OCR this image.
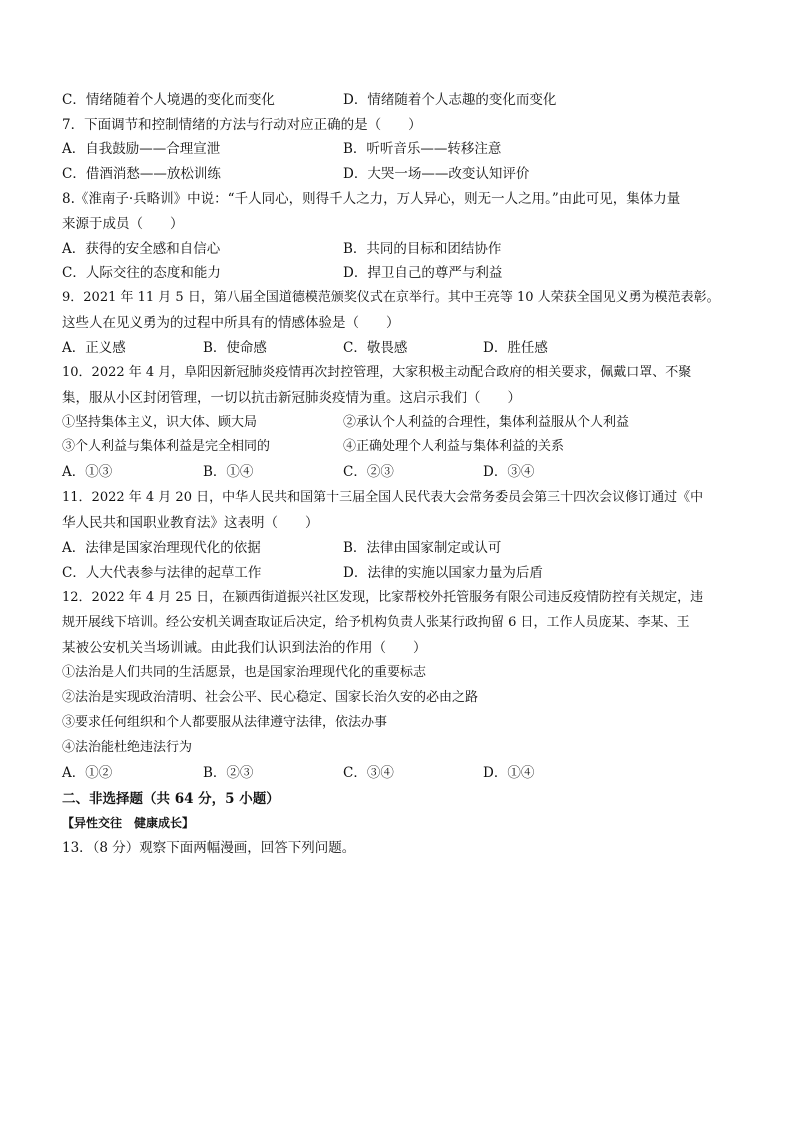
C．情绪随着个人境遇的变化而变化	D．情绪随着个人志趣的变化而变化
7．下面调节和控制情绪的方法与行动对应正确的是（　　）
A．自我鼓励——合理宣泄	B．听听音乐——转移注意
C．借酒消愁——放松训练	D．大哭一场——改变认知评价
8.《淮南子·兵略训》中说：“千人同心，则得千人之力，万人异心，则无一人之用。”由此可见，集体力量
来源于成员（　　）
A．获得的安全感和自信心	B．共同的目标和团结协作
C．人际交往的态度和能力	D．捍卫自己的尊严与利益
9．2021 年 11 月 5 日，第八届全国道德模范颁奖仪式在京举行。其中王亮等 10 人荣获全国见义勇为模范表彰。
这些人在见义勇为的过程中所具有的情感体验是（　　）
A．正义感	B．使命感	C．敬畏感	D．胜任感
10．2022 年 4 月，阜阳因新冠肺炎疫情再次封控管理，大家积极主动配合政府的相关要求，佩戴口罩、不聚
集，服从小区封闭管理，一切以抗击新冠肺炎疫情为重。这启示我们（　　）
①坚持集体主义，识大体、顾大局	②承认个人利益的合理性，集体利益服从个人利益
③个人利益与集体利益是完全相同的	④正确处理个人利益与集体利益的关系
A．①③	B．①④	C．②③	D．③④
11．2022 年 4 月 20 日，中华人民共和国第十三届全国人民代表大会常务委员会第三十四次会议修订通过《中
华人民共和国职业教育法》这表明（　　）
A．法律是国家治理现代化的依据	B．法律由国家制定或认可
C．人大代表参与法律的起草工作	D．法律的实施以国家力量为后盾
12．2022 年 4 月 25 日，在颍西街道振兴社区发现，比家帮校外托管服务有限公司违反疫情防控有关规定，违
规开展线下培训。经公安机关调查取证后决定，给予机构负责人张某行政拘留 6 日，工作人员庞某、李某、王
某被公安机关当场训诫。由此我们认识到法治的作用（　　）
①法治是人们共同的生活愿景，也是国家治理现代化的重要标志
②法治是实现政治清明、社会公平、民心稳定、国家长治久安的必由之路
③要求任何组织和个人都要服从法律遵守法律，依法办事
④法治能杜绝违法行为
A．①②	B．②③	C．③④	D．①④
二、非选择题（共 64 分，5 小题）
【异性交往　健康成长】
13．（8 分）观察下面两幅漫画，回答下列问题。
